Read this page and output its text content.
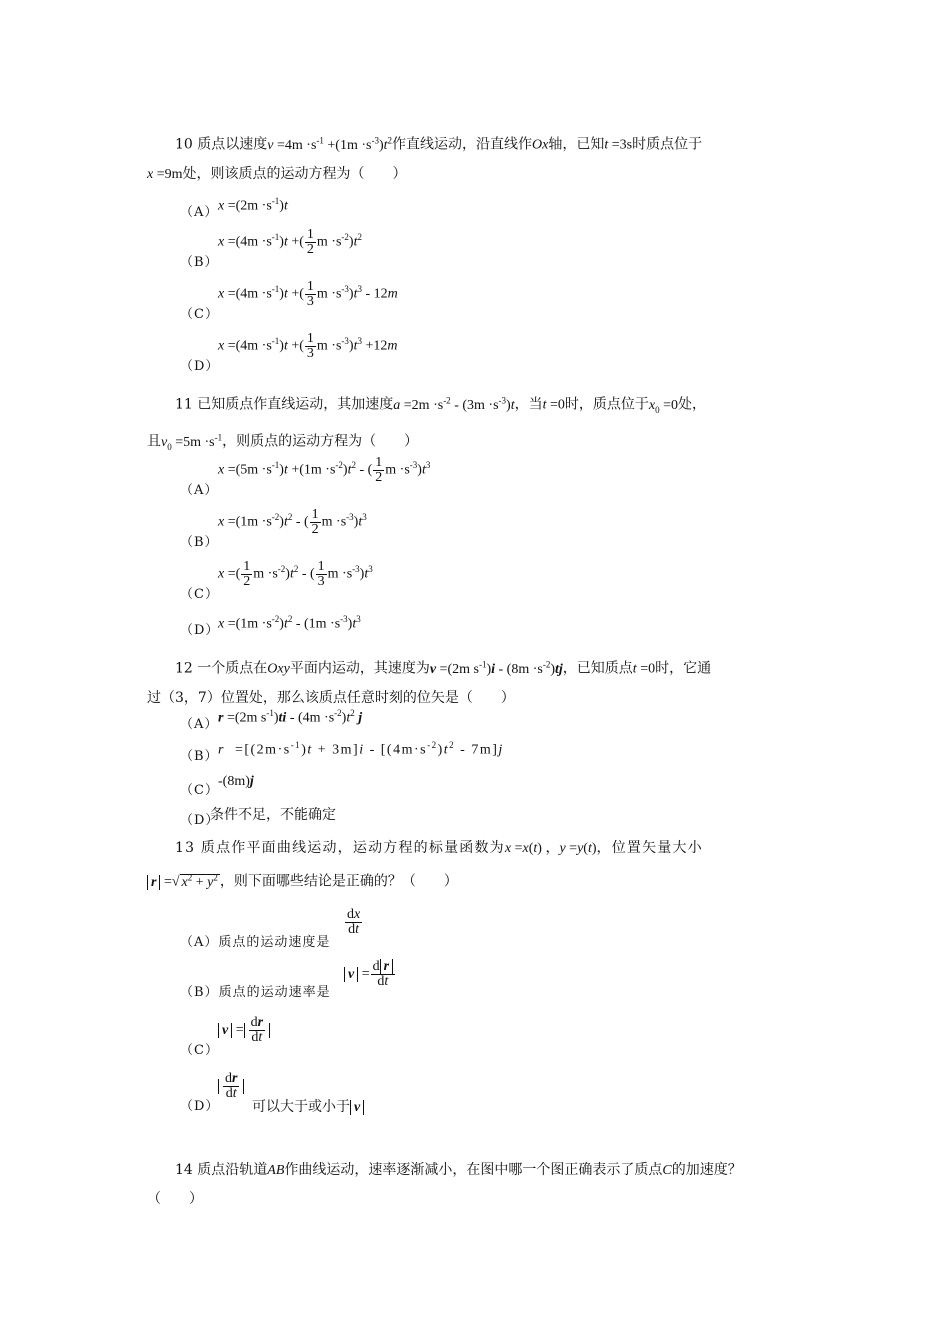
10 质点以速度$v =4m \cdot s^{-1} +(1m \cdot s^{-3})t^2$作直线运动，沿直线作Ox轴，已知t =3s时质点位于
x =9m处，则该质点的运动方程为（　　）
（A） $x =(2m \cdot s^{-1})t$
（B）
$x =(4m \cdot s^{-1})t$ +( $\frac{1}{2}$ $m \cdot s^{-2})t^2$
（C）
$x =(4m \cdot s^{-1})t$ +( $\frac{1}{3}$ $m \cdot s^{-3})t^3 - 12m$
（D）
$x =(4m \cdot s^{-1})t$ +( $\frac{1}{3}$ $m \cdot s^{-3})t^3 +12m$
11 已知质点作直线运动，其加速度$a =2m \cdot s^{-2} - (3m \cdot s^{-3})t$，当t =0时，质点位于$x_0 =0$处，
且$v_0 =5m \cdot s^{-1}$，则质点的运动方程为（　　）
（A）
$x =(5m \cdot s^{-1})t +(1m \cdot s^{-2})t^2$ - ( $\frac{1}{2}$ $m \cdot s^{-3})t^3$
（B）
$x =(1m \cdot s^{-2})t^2$ - ( $\frac{1}{2}$ $m \cdot s^{-3})t^3$
（C）
x =( $\frac{1}{2}$ $m \cdot s^{-2})t^2$ - ( $\frac{1}{3}$ $m \cdot s^{-3})t^3$
（D）
$x =(1m \cdot s^{-2})t^2 - (1m \cdot s^{-3})t^3$
12 一个质点在Oxy平面内运动，其速度为v =(2m $s^{-1})i - (8m \cdot s^{-2})tj$，已知质点t =0时，它通
过（3，7）位置处，那么该质点任意时刻的位矢是（　　）
（A） r =(2m $s^{-1})ti - (4m \cdot s^{-2})t^2$ j
（B） $r =[(2m\cdot s^{-1})t + 3m]i - [(4m\cdot s^{-2})t^2 - 7m]j$
（C）
-(8m)j
（D）
条件不足，不能确定
13 质点作平面曲线运动，运动方程的标量函数为x =x(t) ，y =y(t)，位置矢量大小
r =√ $x^2 + y^2$ ，则下面哪些结论是正确的？（　　）
（A）质点的运动速度是
$\frac{dx}{dt}$
（B）质点的运动速率是
$v = \frac{\text{d r}}{dt}$
（C）
$v = \frac{dr}{dt}$
（D）
$\frac{dr}{dt}$
可以大于或小于 v
14 质点沿轨道AB作曲线运动，速率逐渐减小，在图中哪一个图正确表示了质点C的加速度？
（　　）
